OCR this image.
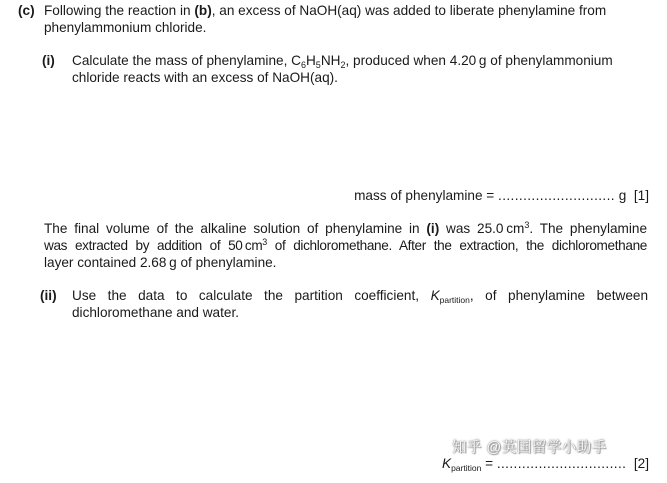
(c) Following the reaction in (b), an excess of NaOH(aq) was added to liberate phenylamine from
phenylammonium chloride.
(i) Calculate the mass of phenylamine, $C_6H_5NH_2$, produced when 4.20 g of phenylammonium
chloride reacts with an excess of NaOH(aq).
mass of phenylamine = ............................ g [1]
The final volume of the alkaline solution of phenylamine in (i) was 25.0 $cm^3$. The phenylamine
was extracted by addition of 50 $cm^3$ of dichloromethane. After the extraction, the dichloromethane
layer contained 2.68 g of phenylamine.
(ii) Use the data to calculate the partition coefficient, $K_{partition}$, of phenylamine between
dichloromethane and water.
知乎 @英国留学小助手
$K_{partition}$ = ............................... [2]
